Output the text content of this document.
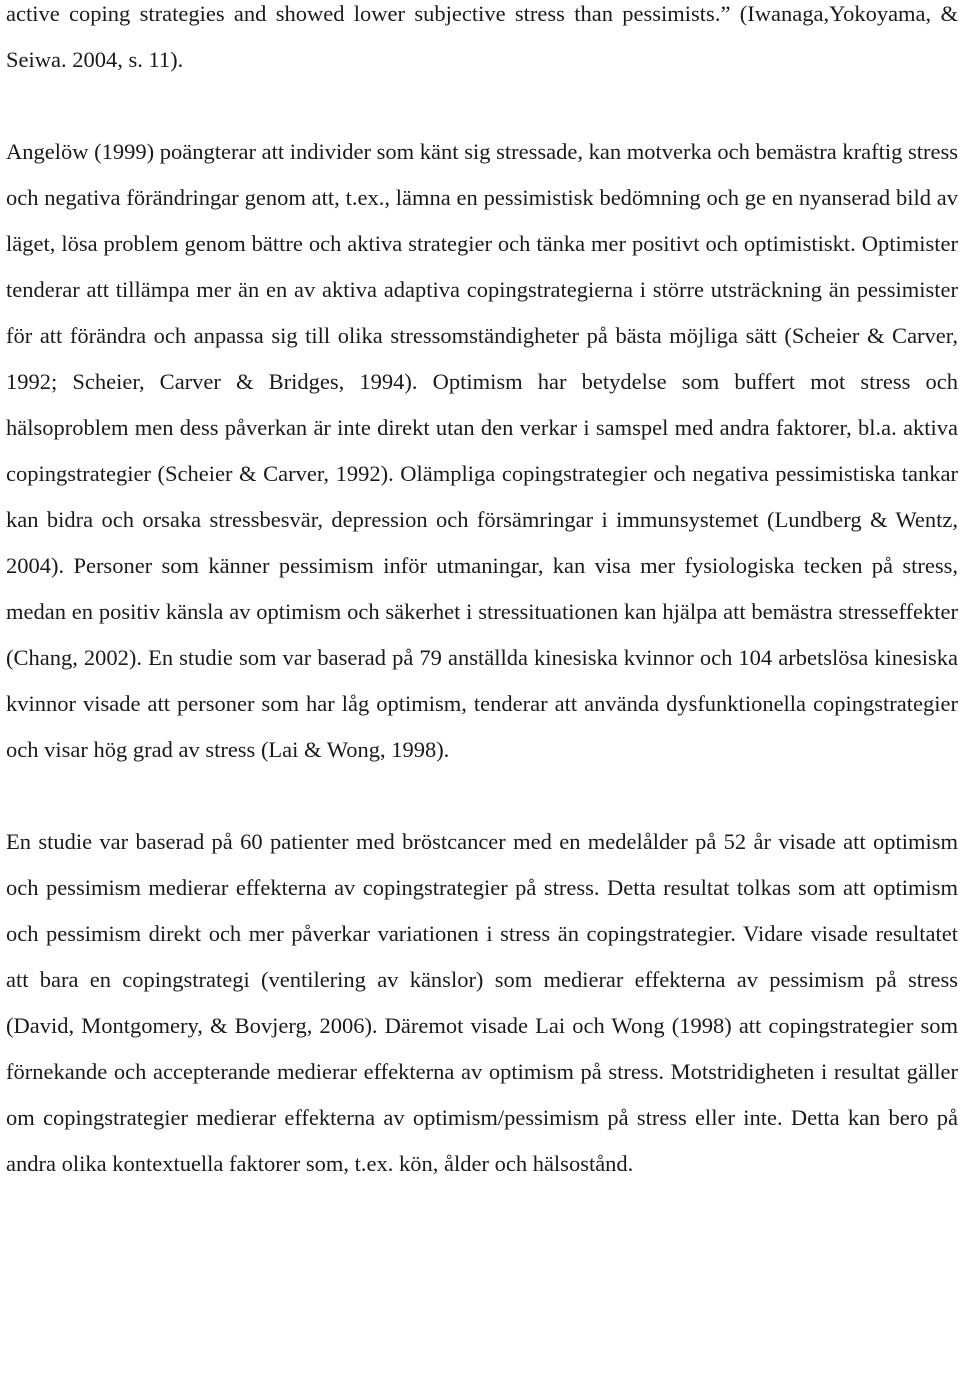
active coping strategies and showed lower subjective stress than pessimists.” (Iwanaga,Yokoyama, & Seiwa. 2004, s. 11).

Angelöw (1999) poängterar att individer som känt sig stressade, kan motverka och bemästra kraftig stress och negativa förändringar genom att, t.ex., lämna en pessimistisk bedömning och ge en nyanserad bild av läget, lösa problem genom bättre och aktiva strategier och tänka mer positivt och optimistiskt. Optimister tenderar att tillämpa mer än en av aktiva adaptiva copingstrategierna i större utsträckning än pessimister för att förändra och anpassa sig till olika stressomständigheter på bästa möjliga sätt (Scheier & Carver, 1992; Scheier, Carver & Bridges, 1994). Optimism har betydelse som buffert mot stress och hälsoproblem men dess påverkan är inte direkt utan den verkar i samspel med andra faktorer, bl.a. aktiva copingstrategier (Scheier & Carver, 1992). Olämpliga copingstrategier och negativa pessimistiska tankar kan bidra och orsaka stressbesvär, depression och försämringar i immunsystemet (Lundberg & Wentz, 2004). Personer som känner pessimism inför utmaningar, kan visa mer fysiologiska tecken på stress, medan en positiv känsla av optimism och säkerhet i stressituationen kan hjälpa att bemästra stresseffekter (Chang, 2002). En studie som var baserad på 79 anställda kinesiska kvinnor och 104 arbetslösa kinesiska kvinnor visade att personer som har låg optimism, tenderar att använda dysfunktionella copingstrategier och visar hög grad av stress (Lai & Wong, 1998).

En studie var baserad på 60 patienter med bröstcancer med en medelålder på 52 år visade att optimism och pessimism medierar effekterna av copingstrategier på stress. Detta resultat tolkas som att optimism och pessimism direkt och mer påverkar variationen i stress än copingstrategier. Vidare visade resultatet att bara en copingstrategi (ventilering av känslor) som medierar effekterna av pessimism på stress (David, Montgomery, & Bovjerg, 2006). Däremot visade Lai och Wong (1998) att copingstrategier som förnekande och accepterande medierar effekterna av optimism på stress. Motstridigheten i resultat gäller om copingstrategier medierar effekterna av optimism/pessimism på stress eller inte. Detta kan bero på andra olika kontextuella faktorer som, t.ex. kön, ålder och hälsostånd.
